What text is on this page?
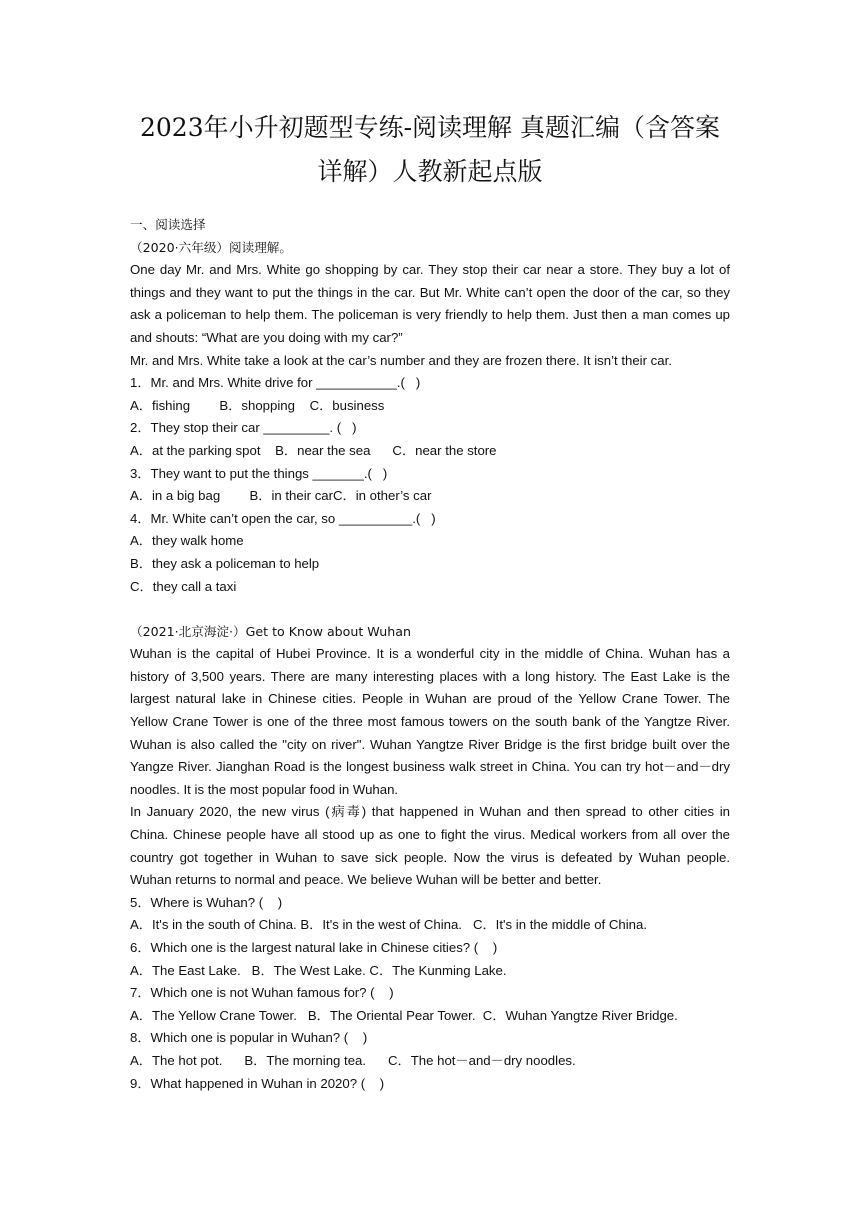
2023年小升初题型专练-阅读理解 真题汇编（含答案
详解）人教新起点版
一、阅读选择
（2020·六年级）阅读理解。
One day Mr. and Mrs. White go shopping by car. They stop their car near a store. They buy a lot of things and they want to put the things in the car. But Mr. White can’t open the door of the car, so they ask a policeman to help them. The policeman is very friendly to help them. Just then a man comes up and shouts: “What are you doing with my car?”
Mr. and Mrs. White take a look at the car’s number and they are frozen there. It isn’t their car.
1．Mr. and Mrs. White drive for ___________.(   )
A．fishing        B．shopping    C．business
2．They stop their car _________. (   )
A．at the parking spot    B．near the sea      C．near the store
3．They want to put the things _______.(   )
A．in a big bag        B．in their carC．in other’s car
4．Mr. White can’t open the car, so __________.(   )
A．they walk home
B．they ask a policeman to help
C．they call a taxi
（2021·北京海淀·）Get to Know about Wuhan
Wuhan is the capital of Hubei Province. It is a wonderful city in the middle of China. Wuhan has a history of 3,500 years. There are many interesting places with a long history. The East Lake is the largest natural lake in Chinese cities. People in Wuhan are proud of the Yellow Crane Tower. The Yellow Crane Tower is one of the three most famous towers on the south bank of the Yangtze River. Wuhan is also called the "city on river". Wuhan Yangtze River Bridge is the first bridge built over the Yangze River. Jianghan Road is the longest business walk street in China. You can try hot－and－dry noodles. It is the most popular food in Wuhan.
In January 2020, the new virus (病毒) that happened in Wuhan and then spread to other cities in China. Chinese people have all stood up as one to fight the virus. Medical workers from all over the country got together in Wuhan to save sick people. Now the virus is defeated by Wuhan people. Wuhan returns to normal and peace. We believe Wuhan will be better and better.
5．Where is Wuhan? (    )
A．It's in the south of China. B．It's in the west of China.   C．It's in the middle of China.
6．Which one is the largest natural lake in Chinese cities? (    )
A．The East Lake.   B．The West Lake. C．The Kunming Lake.
7．Which one is not Wuhan famous for? (    )
A．The Yellow Crane Tower.   B．The Oriental Pear Tower.  C．Wuhan Yangtze River Bridge.
8．Which one is popular in Wuhan? (    )
A．The hot pot.      B．The morning tea.      C．The hot－and－dry noodles.
9．What happened in Wuhan in 2020? (    )
